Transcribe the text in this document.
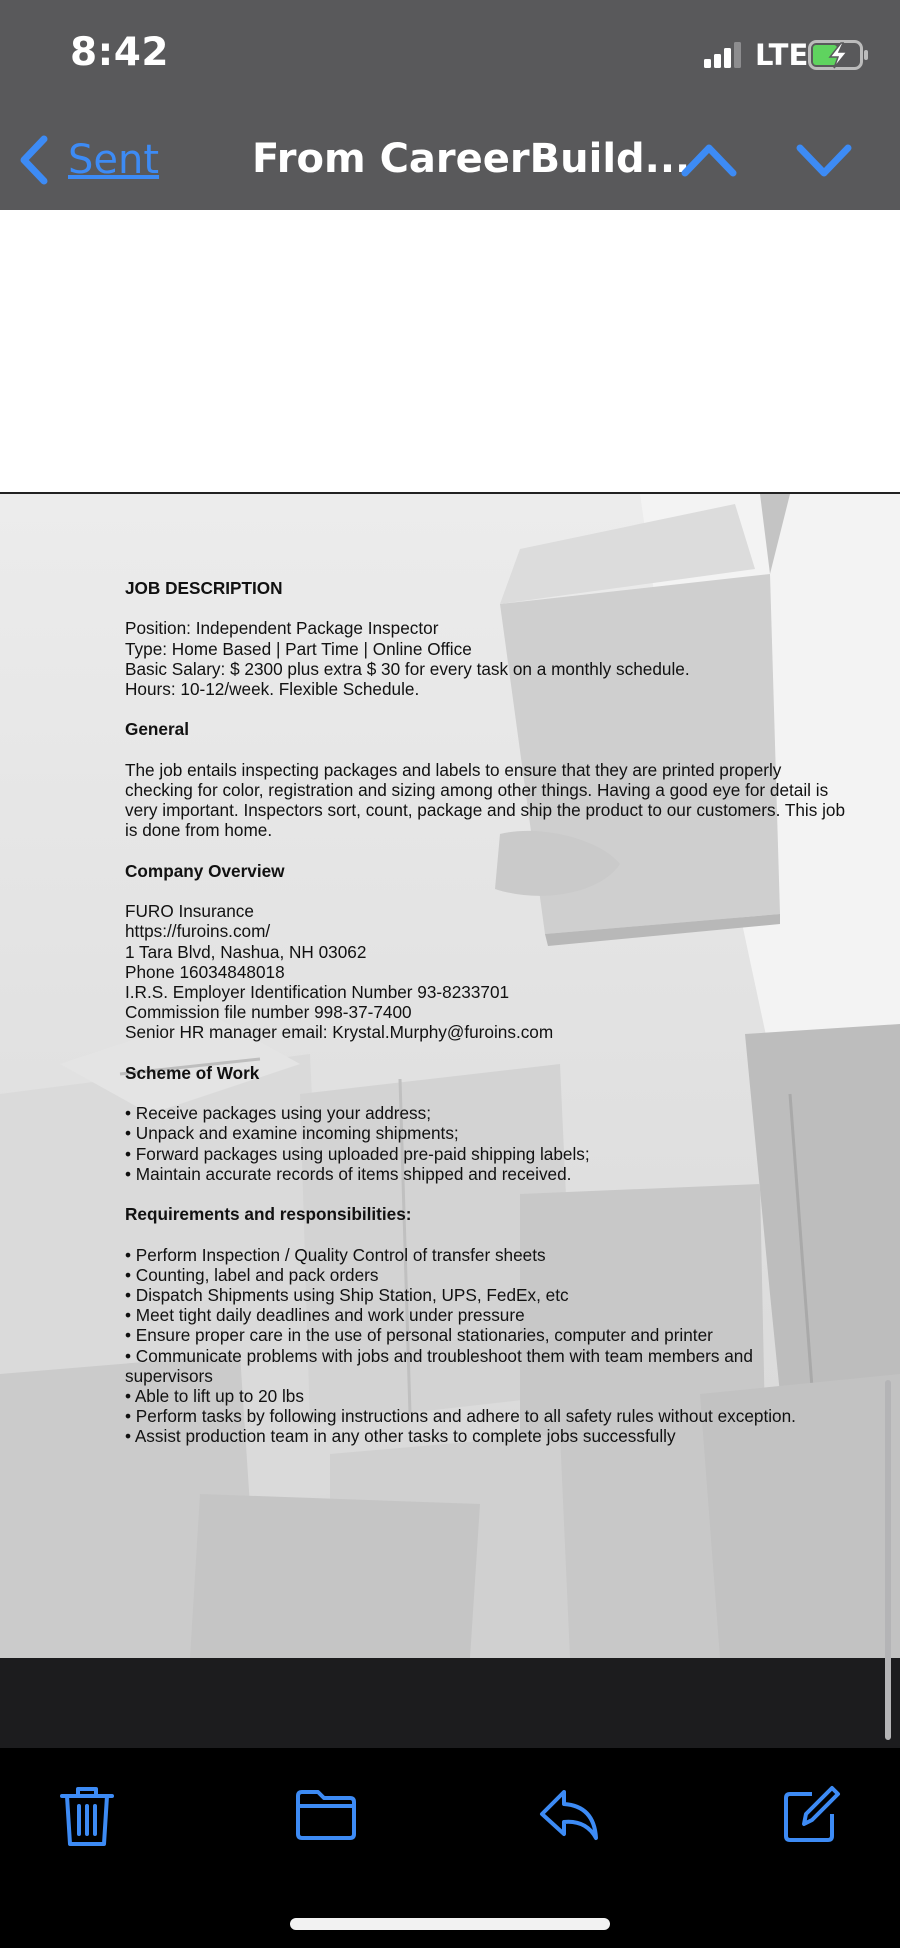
8:42	LTE
Sent From CareerBuild...

JOB DESCRIPTION

Position: Independent Package Inspector

Type: Home Based | Part Time | Online Office

Basic Salary: $ 2300 plus extra $ 30 for every task on a monthly schedule.

Hours: 10-12/week. Flexible Schedule.

General

The job entails inspecting packages and labels to ensure that they are printed properly checking for color, registration and sizing among other things. Having a good eye for detail is very important. Inspectors sort, count, package and ship the product to our customers. This job is done from home.

Company Overview

FURO Insurance

https://furoins.com/

1 Tara Blvd, Nashua, NH 03062

Phone 16034848018

I.R.S. Employer Identification Number 93-8233701

Commission file number 998-37-7400

Senior HR manager email: Krystal.Murphy@furoins.com

Scheme of Work

• Receive packages using your address;

• Unpack and examine incoming shipments;

• Forward packages using uploaded pre-paid shipping labels;

• Maintain accurate records of items shipped and received.

Requirements and responsibilities:

• Perform Inspection / Quality Control of transfer sheets

• Counting, label and pack orders

• Dispatch Shipments using Ship Station, UPS, FedEx, etc

• Meet tight daily deadlines and work under pressure

• Ensure proper care in the use of personal stationaries, computer and printer

• Communicate problems with jobs and troubleshoot them with team members and supervisors

• Able to lift up to 20 lbs

• Perform tasks by following instructions and adhere to all safety rules without exception.

• Assist production team in any other tasks to complete jobs successfully
